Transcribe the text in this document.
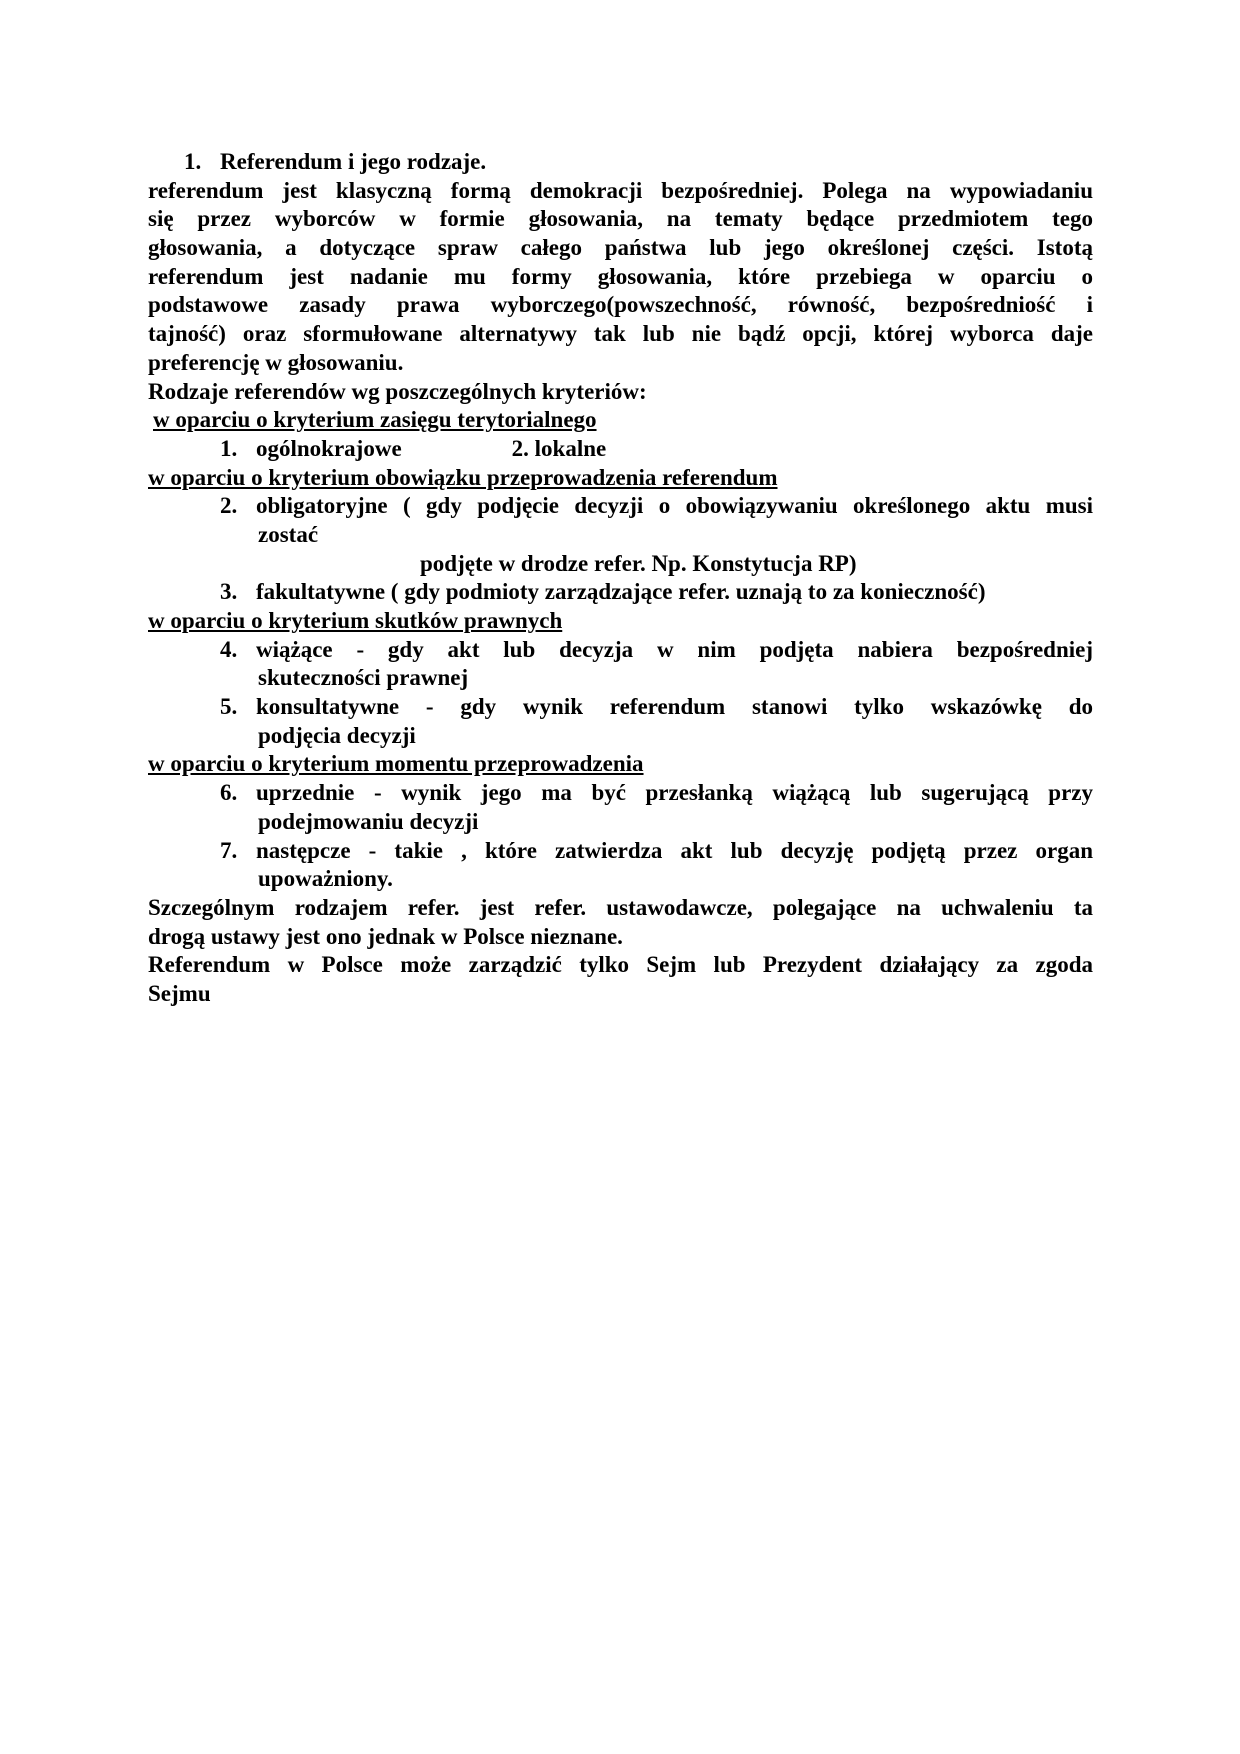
1. Referendum i jego rodzaje.
referendum jest klasyczną formą demokracji bezpośredniej. Polega na wypowiadaniu
się przez wyborców w formie głosowania, na tematy będące przedmiotem tego
głosowania, a dotyczące spraw całego państwa lub jego określonej części. Istotą
referendum jest nadanie mu formy głosowania, które przebiega w oparciu o
podstawowe zasady prawa wyborczego(powszechność, równość, bezpośredniość i
tajność) oraz sformułowane alternatywy tak lub nie bądź opcji, której wyborca daje
preferencję w głosowaniu.
Rodzaje referendów wg poszczególnych kryteriów:
w oparciu o kryterium zasięgu terytorialnego
1. ogólnokrajowe	2. lokalne
w oparciu o kryterium obowiązku przeprowadzenia referendum
2. obligatoryjne ( gdy podjęcie decyzji o obowiązywaniu określonego aktu musi
zostać
podjęte w drodze refer. Np. Konstytucja RP)
3. fakultatywne ( gdy podmioty zarządzające refer. uznają to za konieczność)
w oparciu o kryterium skutków prawnych
4. wiążące - gdy akt lub decyzja w nim podjęta nabiera bezpośredniej
skuteczności prawnej
5. konsultatywne - gdy wynik referendum stanowi tylko wskazówkę do
podjęcia decyzji
w oparciu o kryterium momentu przeprowadzenia
6. uprzednie - wynik jego ma być przesłanką wiążącą lub sugerującą przy
podejmowaniu decyzji
7. następcze - takie , które zatwierdza akt lub decyzję podjętą przez organ
upoważniony.
Szczególnym rodzajem refer. jest refer. ustawodawcze, polegające na uchwaleniu ta
drogą ustawy jest ono jednak w Polsce nieznane.
Referendum w Polsce może zarządzić tylko Sejm lub Prezydent działający za zgoda
Sejmu
